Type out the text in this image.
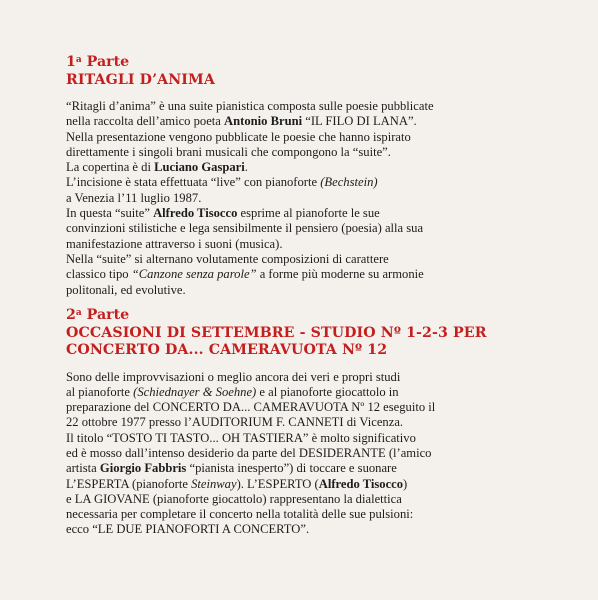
1$^a$ Parte
RITAGLI D’ANIMA
“Ritagli d’anima” è una suite pianistica composta sulle poesie pubblicate
nella raccolta dell’amico poeta Antonio Bruni “IL FILO DI LANA”.
Nella presentazione vengono pubblicate le poesie che hanno ispirato
direttamente i singoli brani musicali che compongono la “suite”.
La copertina è di Luciano Gaspari.
L’incisione è stata effettuata “live” con pianoforte (Bechstein)
a Venezia l’11 luglio 1987.
In questa “suite” Alfredo Tisocco esprime al pianoforte le sue
convinzioni stilistiche e lega sensibilmente il pensiero (poesia) alla sua
manifestazione attraverso i suoni (musica).
Nella “suite” si alternano volutamente composizioni di carattere
classico tipo “Canzone senza parole” a forme più moderne su armonie
politonali, ed evolutive.
2$^a$ Parte
OCCASIONI DI SETTEMBRE - STUDIO Nº 1-2-3 PER
CONCERTO DA... CAMERAVUOTA Nº 12
Sono delle improvvisazioni o meglio ancora dei veri e propri studi
al pianoforte (Schiednayer & Soehne) e al pianoforte giocattolo in
preparazione del CONCERTO DA... CAMERAVUOTA Nº 12 eseguito il
22 ottobre 1977 presso l’AUDITORIUM F. CANNETI di Vicenza.
Il titolo “TOSTO TI TASTO... OH TASTIERA” è molto significativo
ed è mosso dall’intenso desiderio da parte del DESIDERANTE (l’amico
artista Giorgio Fabbris “pianista inesperto”) di toccare e suonare
L’ESPERTA (pianoforte Steinway). L’ESPERTO (Alfredo Tisocco)
e LA GIOVANE (pianoforte giocattolo) rappresentano la dialettica
necessaria per completare il concerto nella totalità delle sue pulsioni:
ecco “LE DUE PIANOFORTI A CONCERTO”.
